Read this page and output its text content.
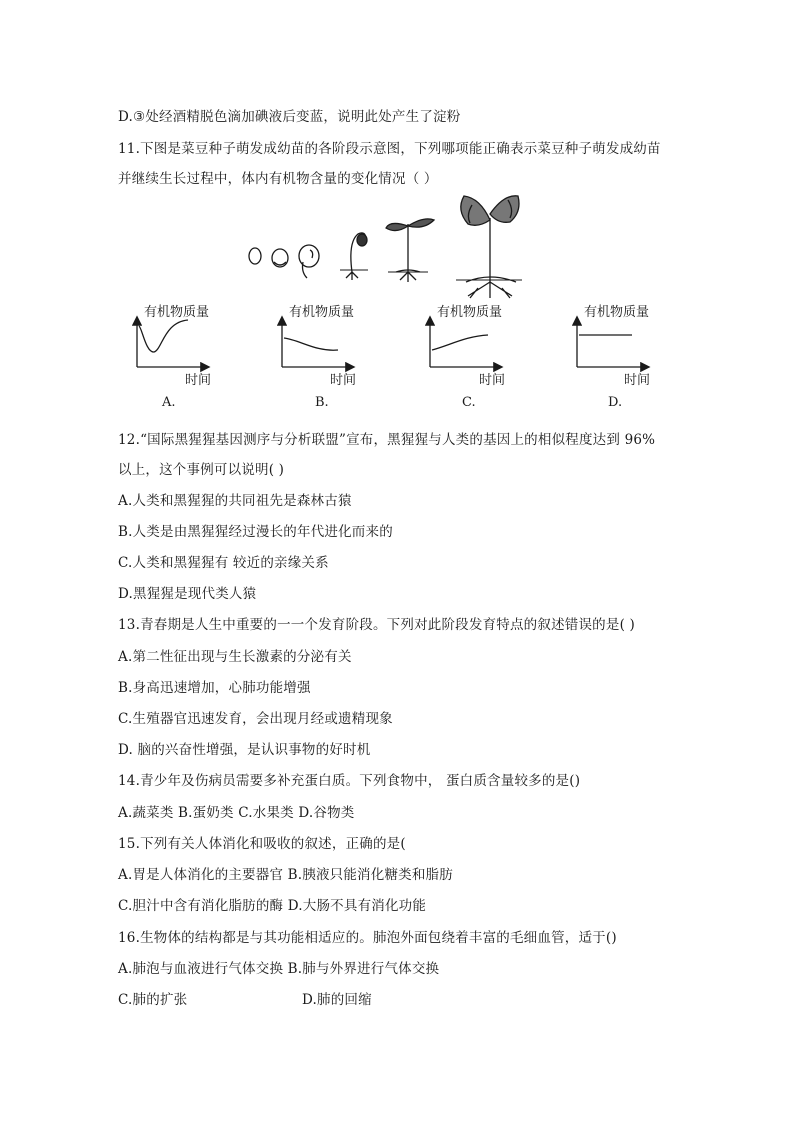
D.③处经酒精脱色滴加碘液后变蓝，说明此处产生了淀粉
11.下图是菜豆种子萌发成幼苗的各阶段示意图，下列哪项能正确表示菜豆种子萌发成幼苗
并继续生长过程中，体内有机物含量的变化情况（ ）
有机物质量
时间
A.
有机物质量
时间
B.
有机物质量
时间
C.
有机物质量
时间
D.
12.“国际黑猩猩基因测序与分析联盟”宣布，黑猩猩与人类的基因上的相似程度达到 96%
以上，这个事例可以说明( )
A.人类和黑猩猩的共同祖先是森林古猿
B.人类是由黑猩猩经过漫长的年代进化而来的
C.人类和黑猩猩有 较近的亲缘关系
D.黑猩猩是现代类人猿
13.青春期是人生中重要的一一个发育阶段。下列对此阶段发育特点的叙述错误的是( )
A.第二性征出现与生长激素的分泌有关
B.身高迅速增加，心肺功能增强
C.生殖器官迅速发育，会出现月经或遗精现象
D. 脑的兴奋性增强，是认识事物的好时机
14.青少年及伤病员需要多补充蛋白质。下列食物中， 蛋白质含量较多的是()
A.蔬菜类 B.蛋奶类 C.水果类 D.谷物类
15.下列有关人体消化和吸收的叙述，正确的是(
A.胃是人体消化的主要器官 B.胰液只能消化糖类和脂肪
C.胆汁中含有消化脂肪的酶 D.大肠不具有消化功能
16.生物体的结构都是与其功能相适应的。肺泡外面包绕着丰富的毛细血管，适于()
A.肺泡与血液进行气体交换 B.肺与外界进行气体交换
C.肺的扩张	D.肺的回缩
